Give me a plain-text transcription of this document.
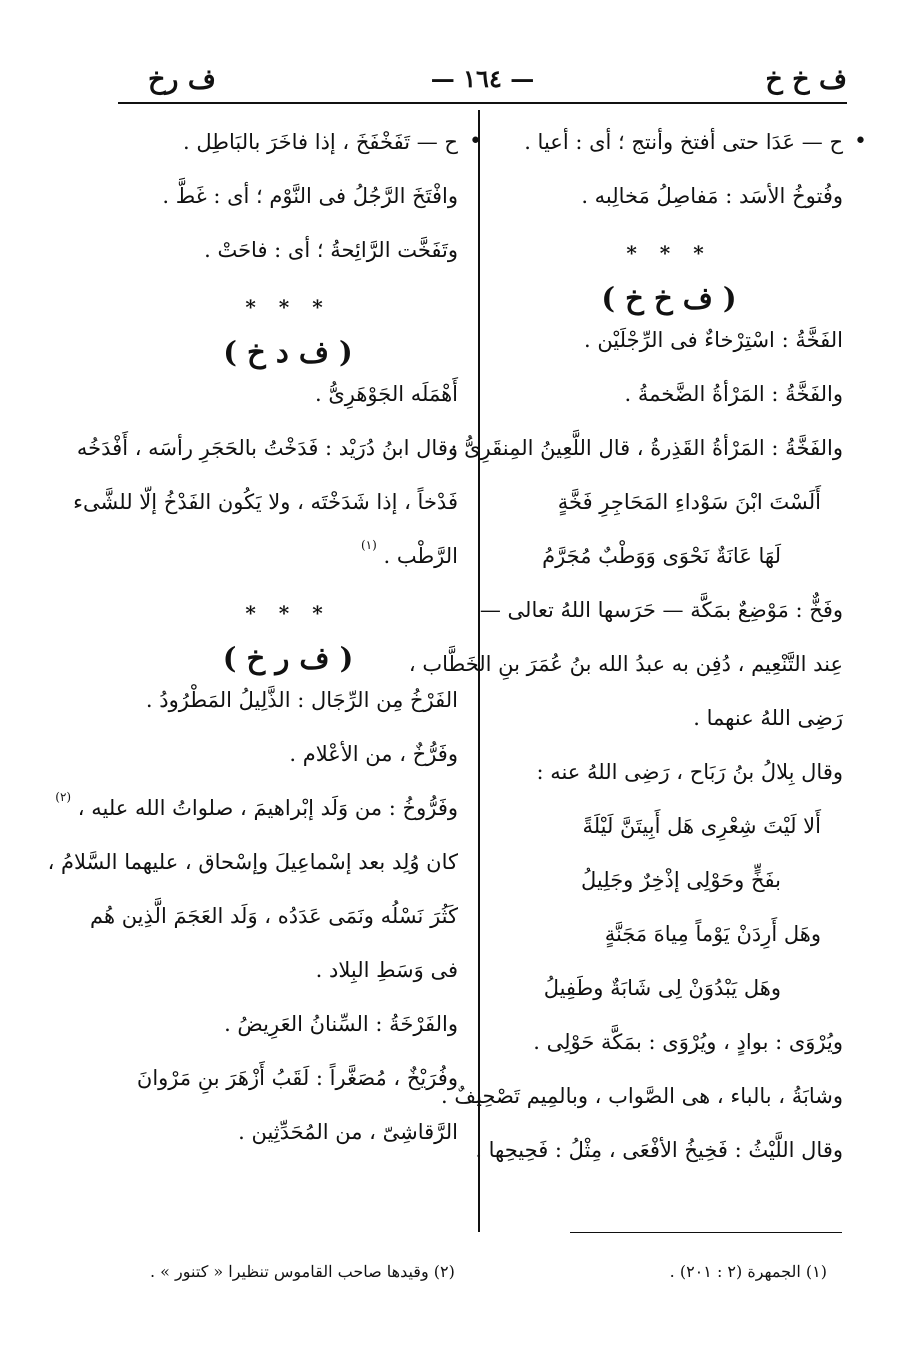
ف خ خ
— ١٦٤ —
ف رخ
•
ح — عَدَا حتى أفتخ وأنتج ؛ أى : أعيا .
وفُتوخُ الأسَد : مَفاصِلُ مَخالِبه .
* * *
( ف خ خ )
الفَخَّةُ : اسْتِرْخاءٌ فى الرِّجْلَيْن .
والفَخَّةُ : المَرْأةُ الضَّخمةُ .
والفَخَّةُ : المَرْأةُ القَذِرةُ ، قال اللَّعِينُ المِنقَرِىُّ :
أَلَسْتَ ابْنَ سَوْداءِ المَحَاجِرِ فَخَّةٍ
لَهَا عَانَةٌ نَحْوَى وَوَطْبٌ مُجَرَّمُ
وفَخٌّ : مَوْضِعٌ بمَكَّة — حَرَسها اللهُ تعالى —
عِند التَّنْعِيم ، دُفِن به عبدُ الله بنُ عُمَرَ بنِ الخَطَّاب ،
رَضِى اللهُ عنهما .
وقال بِلالُ بنُ رَبَاح ، رَضِى اللهُ عنه :
أَلا لَيْتَ شِعْرِى هَل أَبِيتَنَّ لَيْلَةً
بفَخٍّ وحَوْلِى إذْخِرٌ وجَلِيلُ
وهَل أَرِدَنْ يَوْماً مِياهَ مَجَنَّةٍ
وهَل يَبْدُوَنْ لِى شَابَةٌ وطَفِيلُ
ويُرْوَى : بوادٍ ، ويُرْوَى : بمَكَّة حَوْلِى .
وشابَةُ ، بالباء ، هى الصَّواب ، وبالمِيم تَصْحِيفٌ .
وقال اللَّيْثُ : فَخِيخُ الأفْعَى ، مِثْلُ : فَحِيحِها .
•
ح — تَفَخْفَخَ ، إذا فاخَرَ بالبَاطِل .
وافْتَخَ الرَّجُلُ فى النَّوْم ؛ أى : غَطَّ .
وتَفَخَّت الرَّائِحةُ ؛ أى : فاحَتْ .
* * *
( ف د خ )
أَهْمَلَه الجَوْهَرِىُّ .
وقال ابنُ دُرَيْد : فَدَخْتُ بالحَجَرِ رأسَه ، أَفْدَخُه
فَدْخاً ، إذا شَدَخْتَه ، ولا يَكُون الفَدْخُ إلّا للشَّىء
الرَّطْب . $^{(١)}$
* * *
( ف ر خ )
الفَرْخُ مِن الرِّجَال : الذَّلِيلُ المَطْرُودُ .
وفَرُّخٌ ، من الأعْلام .
وفَرُّوخُ : من وَلَد إبْراهيمَ ، صلواتُ الله عليه ، $^{(٢)}$
كان وُلِد بعد إسْماعِيلَ وإسْحاق ، عليهما السَّلامُ ،
كَثُرَ نَسْلُه ونَمَى عَدَدُه ، وَلَد العَجَمَ الَّذِين هُم
فى وَسَطِ البِلاد .
والفَرْخَةُ : السِّنانُ العَرِيضُ .
وفُرَيْخٌ ، مُصَغَّراً : لَقَبُ أَزْهَرَ بنِ مَرْوانَ
الرَّقاشِىّ ، من المُحَدِّثِين .
(١) الجمهرة (٢ : ٢٠١) .
(٢) وقيدها صاحب القاموس تنظيرا « كتنور » .
